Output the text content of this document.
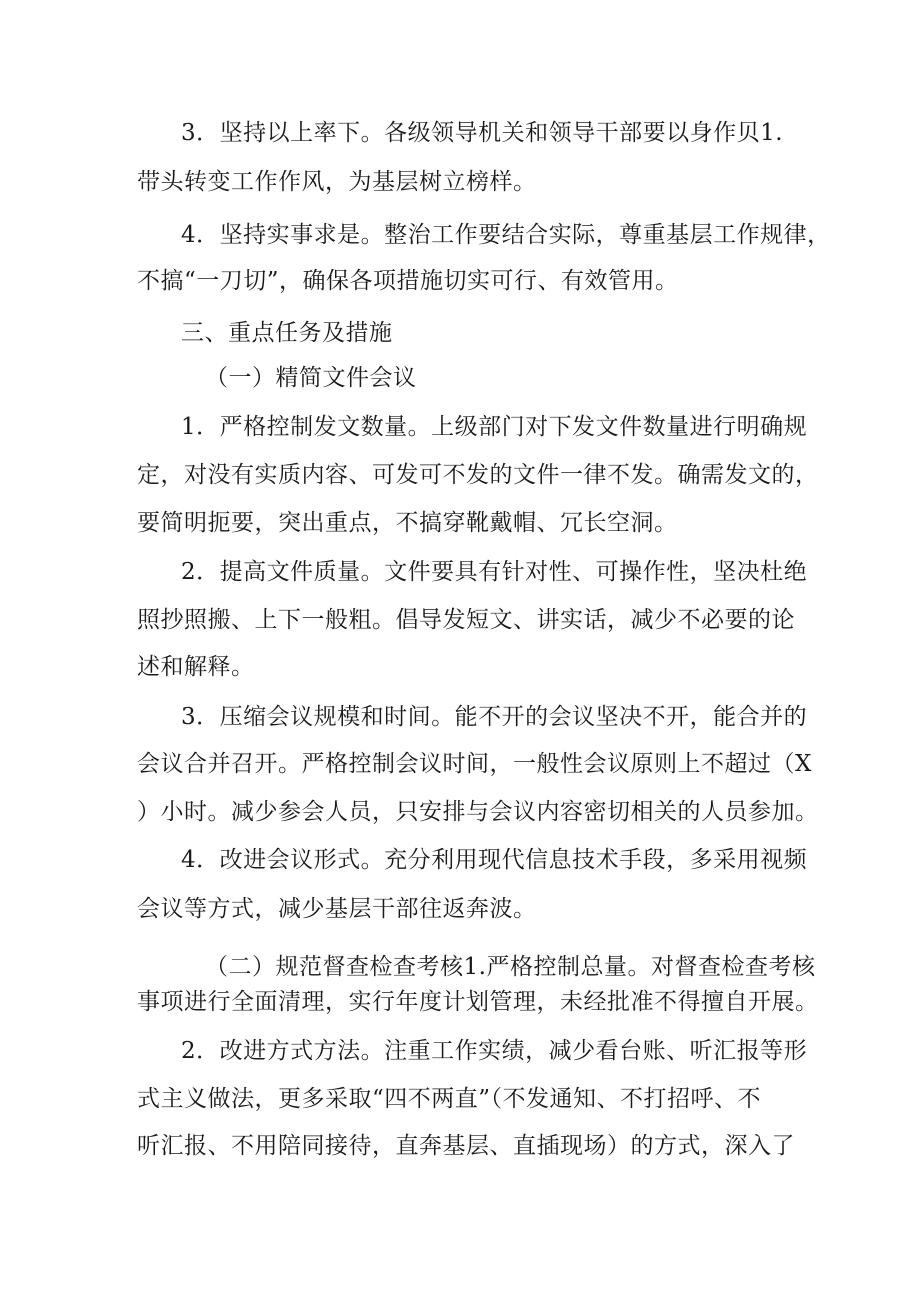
3．坚持以上率下。各级领导机关和领导干部要以身作贝1.
带头转变工作作风，为基层树立榜样。
4．坚持实事求是。整治工作要结合实际，尊重基层工作规律，
不搞“一刀切”，确保各项措施切实可行、有效管用。
三、重点任务及措施
（一）精简文件会议
1．严格控制发文数量。上级部门对下发文件数量进行明确规
定，对没有实质内容、可发可不发的文件一律不发。确需发文的，
要简明扼要，突出重点，不搞穿靴戴帽、冗长空洞。
2．提高文件质量。文件要具有针对性、可操作性，坚决杜绝
照抄照搬、上下一般粗。倡导发短文、讲实话，减少不必要的论
述和解释。
3．压缩会议规模和时间。能不开的会议坚决不开，能合并的
会议合并召开。严格控制会议时间，一般性会议原则上不超过（X
）小时。减少参会人员，只安排与会议内容密切相关的人员参加。
4．改进会议形式。充分利用现代信息技术手段，多采用视频
会议等方式，减少基层干部往返奔波。
（二）规范督查检查考核1.严格控制总量。对督查检查考核
事项进行全面清理，实行年度计划管理，未经批准不得擅自开展。
2．改进方式方法。注重工作实绩，减少看台账、听汇报等形
式主义做法，更多采取“四不两直”（不发通知、不打招呼、不
听汇报、不用陪同接待，直奔基层、直插现场）的方式，深入了
